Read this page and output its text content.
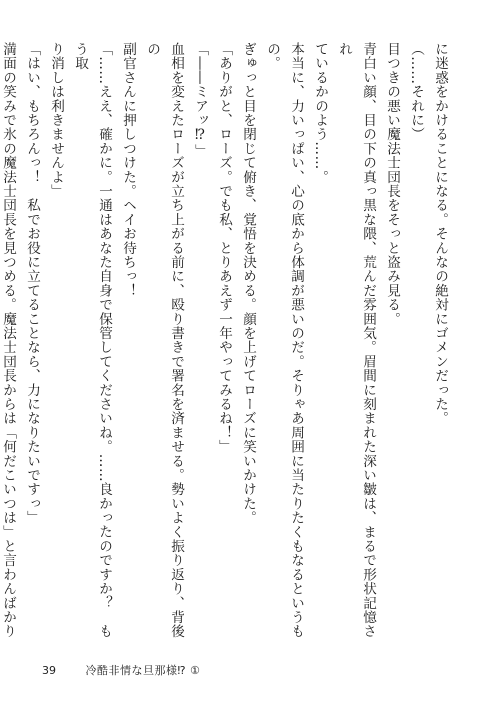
に迷惑をかけることになる。そんなの絶対にゴメンだった。

（……それに）

目つきの悪い魔法士団長をそっと盗み見る。

青白い顔、目の下の真っ黒な隈、荒んだ雰囲気。眉間に刻まれた深い皺は、まるで形状記憶され

ているかのよう……。

本当に、力いっぱい、心の底から体調が悪いのだ。そりゃあ周囲に当たりたくもなるというもの。

ぎゅっと目を閉じて俯き、覚悟を決める。顔を上げてローズに笑いかけた。

「ありがと、ローズ。でも私、とりあえず一年やってみるね！」

「――ミアッ⁉」

血相を変えたローズが立ち上がる前に、殴り書きで署名を済ませる。勢いよく振り返り、背後の

副官さんに押しつけた。ヘイお待ちっ！

「……ええ、確かに。一通はあなた自身で保管してくださいね。……良かったのですか？　もう取

り消しは利きませんよ」

「はい、もちろんっ！　私でお役に立てることなら、力になりたいですっ」

満面の笑みで氷の魔法士団長を見つめる。魔法士団長からは「何だこいつは」と言わんばかり

39	冷酷非情な旦那様⁉ ①
